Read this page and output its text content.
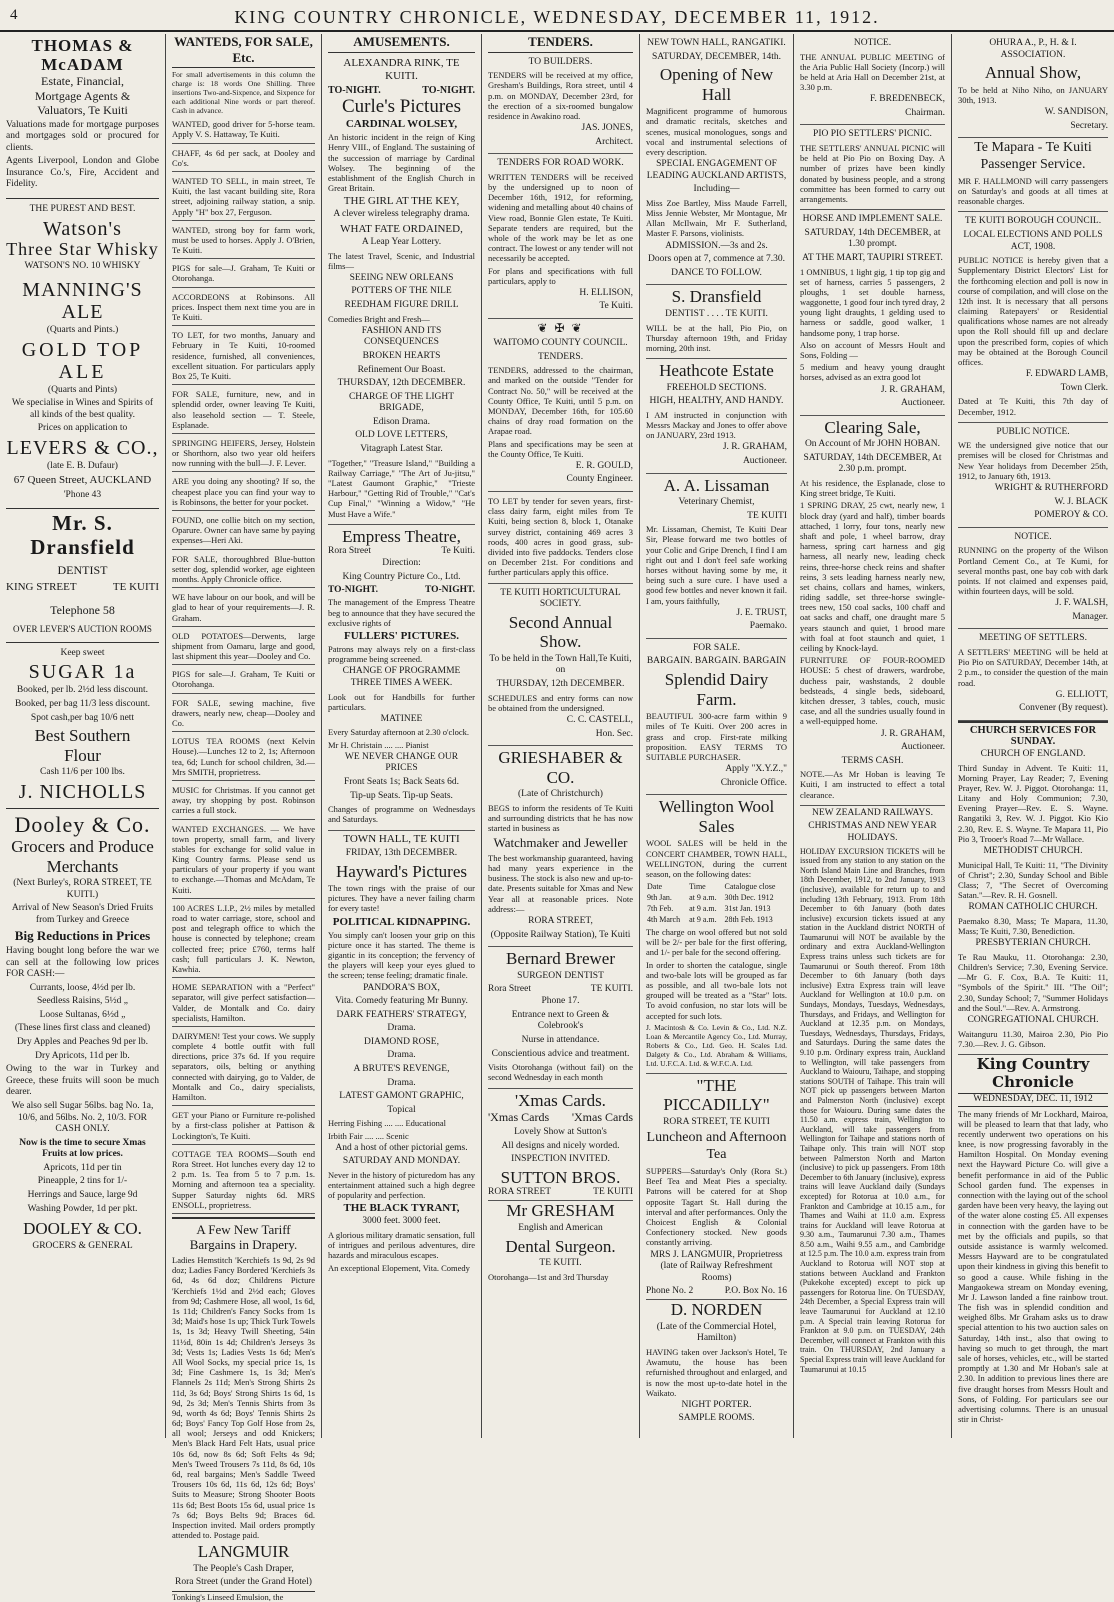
4	KING COUNTRY CHRONICLE, WEDNESDAY, DECEMBER 11, 1912.
THOMAS & McADAM
Estate, Financial,
Mortgage Agents &
Valuators, Te Kuiti

Valuations made for mortgage purposes and mortgages sold or procured for clients.

Agents Liverpool, London and Globe Insurance Co.'s, Fire, Accident and Fidelity.

THE PUREST AND BEST.
Watson's
Three Star Whisky
WATSON'S NO. 10 WHISKY
MANNING'S ALE
(Quarts and Pints.)
GOLD TOP ALE
(Quarts and Pints)

We specialise in Wines and Spirits of all kinds of the best quality.

Prices on application to

LEVERS & CO.,
(late E. B. Dufaur)
67 Queen Street, AUCKLAND
'Phone 43
Mr. S. Dransfield
DENTIST
KING STREET	TE KUITI
Telephone 58
OVER LEVER'S AUCTION ROOMS
Keep sweet
SUGAR 1a

Booked, per lb. 2½d less discount.

Booked, per bag 11/3 less discount.

Spot cash,per bag 10/6 nett

Best Southern
Flour

Cash 11/6 per 100 lbs.

J. NICHOLLS
Dooley & Co.
Grocers and Produce
Merchants

(Next Burley's, RORA STREET, TE KUITI.)

Arrival of New Season's Dried Fruits from Turkey and Greece

Big Reductions in Prices

Having bought long before the war we can sell at the following low prices FOR CASH:—

Currants, loose, 4½d per lb.

Seedless Raisins, 5½d „

Loose Sultanas, 6½d „

(These lines first class and cleaned)

Dry Apples and Peaches 9d per lb.

Dry Apricots, 11d per lb.

Owing to the war in Turkey and Greece, these fruits will soon be much dearer.

We also sell Sugar 56lbs. bag No. 1a, 10/6, and 56lbs. No. 2, 10/3. FOR CASH ONLY.

Now is the time to secure Xmas Fruits at low prices.

Apricots, 11d per tin

Pineapple, 2 tins for 1/-

Herrings and Sauce, large 9d

Washing Powder, 1d per pkt.

DOOLEY & CO.
GROCERS & GENERAL
WANTEDS, FOR SALE, Etc.

For small advertisements in this column the charge is: 18 words One Shilling. Three insertions Two-and-Sixpence, and Sixpence for each additional Nine words or part thereof. Cash in advance.

WANTED, good driver for 5-horse team. Apply V. S. Hattaway, Te Kuiti.

CHAFF, 4s 6d per sack, at Dooley and Co's.

WANTED TO SELL, in main street, Te Kuiti, the last vacant building site, Rora street, adjoining railway station, a snip. Apply "H" box 27, Ferguson.

WANTED, strong boy for farm work, must be used to horses. Apply J. O'Brien, Te Kuiti.

PIGS for sale—J. Graham, Te Kuiti or Otorohanga.

ACCORDEONS at Robinsons. All prices. Inspect them next time you are in Te Kuiti.

TO LET, for two months, January and February in Te Kuiti, 10-roomed residence, furnished, all conveniences, excellent situation. For particulars apply Box 25, Te Kuiti.

FOR SALE, furniture, new, and in splendid order, owner leaving Te Kuiti, also leasehold section — T. Steele, Esplanade.

SPRINGING HEIFERS, Jersey, Holstein or Shorthorn, also two year old heifers now running with the bull—J. F. Lever.

ARE you doing any shooting? If so, the cheapest place you can find your way to is Robinsons, the better for your pocket.

FOUND, one collie bitch on my section, Oparure. Owner can have same by paying expenses—Heri Aki.

FOR SALE, thoroughbred Blue-button setter dog, splendid worker, age eighteen months. Apply Chronicle office.

WE have labour on our book, and will be glad to hear of your requirements—J. R. Graham.

OLD POTATOES—Derwents, large shipment from Oamaru, large and good, last shipment this year—Dooley and Co.

PIGS for sale—J. Graham, Te Kuiti or Otorohanga.

FOR SALE, sewing machine, five drawers, nearly new, cheap—Dooley and Co.

LOTUS TEA ROOMS (next Kelvin House).—Lunches 12 to 2, 1s; Afternoon tea, 6d; Lunch for school children, 3d.—Mrs SMITH, proprietress.

MUSIC for Christmas. If you cannot get away, try shopping by post. Robinson carries a full stock.

WANTED EXCHANGES. — We have town property, small farm, and livery stables for exchange for solid value in King Country farms. Please send us particulars of your property if you want to exchange.—Thomas and McAdam, Te Kuiti.

100 ACRES L.I.P., 2½ miles by metalled road to water carriage, store, school and post and telegraph office to which the house is connected by telephone; cream collected free; price £760, terms half cash; full particulars J. K. Newton, Kawhia.

HOME SEPARATION with a "Perfect" separator, will give perfect satisfaction—Valder, de Montalk and Co. dairy specialists, Hamilton.

DAIRYMEN! Test your cows. We supply complete 4 bottle outfit with full directions, price 37s 6d. If you require separators, oils, belting or anything connected with dairying, go to Valder, de Montalk and Co., dairy specialists, Hamilton.

GET your Piano or Furniture re-polished by a first-class polisher at Pattison & Lockington's, Te Kuiti.

COTTAGE TEA ROOMS—South end Rora Street. Hot lunches every day 12 to 2 p.m. 1s. Tea from 5 to 7 p.m. 1s. Morning and afternoon tea a speciality. Supper Saturday nights 6d. MRS ENSOLL, proprietress.

A Few New Tariff Bargains in Drapery.

Ladies Hemstitch 'Kerchiefs 1s 9d, 2s 9d doz; Ladies Fancy Bordered 'Kerchiefs 3s 6d, 4s 6d doz; Childrens Picture 'Kerchiefs 1½d and 2½d each; Gloves from 9d; Cashmere Hose, all wool, 1s 6d, 1s 11d; Children's Fancy Socks from 1s 3d; Maid's hose 1s up; Thick Turk Towels 1s, 1s 3d; Heavy Twill Sheeting, 54in 11½d, 80in 1s 4d; Children's Jerseys 3s 3d; Vests 1s; Ladies Vests 1s 6d; Men's All Wool Socks, my special price 1s, 1s 3d; Fine Cashmere 1s, 1s 3d; Men's Flannels 2s 11d; Men's Strong Shirts 2s 11d, 3s 6d; Boys' Strong Shirts 1s 6d, 1s 9d, 2s 3d; Men's Tennis Shirts from 3s 9d, worth 4s 6d; Boys' Tennis Shirts 2s 6d; Boys' Fancy Top Golf Hose from 2s, all wool; Jerseys and odd Knickers; Men's Black Hard Felt Hats, usual price 10s 6d, now 8s 6d; Soft Felts 4s 9d; Men's Tweed Trousers 7s 11d, 8s 6d, 10s 6d, real bargains; Men's Saddle Tweed Trousers 10s 6d, 11s 6d, 12s 6d; Boys' Suits to Measure; Strong Shooter Boots 11s 6d; Best Boots 15s 6d, usual price 1s 7s 6d; Boys Belts 9d; Braces 6d. Inspection invited. Mail orders promptly attended to. Postage paid.

LANGMUIR

The People's Cash Draper,

Rora Street (under the Grand Hotel)

Tonking's Linseed Emulsion, the

AMUSEMENTS.
ALEXANDRA RINK, TE KUITI.
TO-NIGHT.	TO-NIGHT.
Curle's Pictures
CARDINAL WOLSEY,

An historic incident in the reign of King Henry VIII., of England. The sustaining of the succession of marriage by Cardinal Wolsey. The beginning of the establishment of the English Church in Great Britain.

THE GIRL AT THE KEY,

A clever wireless telegraphy drama.

WHAT FATE ORDAINED,

A Leap Year Lottery.

The latest Travel, Scenic, and Industrial films—

SEEING NEW ORLEANS

POTTERS OF THE NILE

REEDHAM FIGURE DRILL

Comedies Bright and Fresh—

FASHION AND ITS CONSEQUENCES

BROKEN HEARTS

Refinement Our Boast.

THURSDAY, 12th DECEMBER.

CHARGE OF THE LIGHT BRIGADE,

Edison Drama.

OLD LOVE LETTERS,

Vitagraph Latest Star.

"Together," "Treasure Island," "Building a Railway Carriage," "The Art of Ju-jitsu," "Latest Gaumont Graphic," "Trieste Harbour," "Getting Rid of Trouble," "Cat's Cup Final," "Winning a Widow," "He Must Have a Wife."

Empress Theatre,
Rora Street	Te Kuiti.

Direction:

King Country Picture Co., Ltd.

TO-NIGHT.	TO-NIGHT.

The management of the Empress Theatre beg to announce that they have secured the exclusive rights of

FULLERS' PICTURES.

Patrons may always rely on a first-class programme being screened.

CHANGE OF PROGRAMME THREE TIMES A WEEK.

Look out for Handbills for further particulars.

MATINEE

Every Saturday afternoon at 2.30 o'clock.

Mr H. Christain .... .... Pianist

WE NEVER CHANGE OUR PRICES

Front Seats 1s; Back Seats 6d.

Tip-up Seats. Tip-up Seats.

Changes of programme on Wednesdays and Saturdays.

TOWN HALL, TE KUITI

FRIDAY, 13th DECEMBER.

Hayward's Pictures

The town rings with the praise of our pictures. They have a never failing charm for every taste!

POLITICAL KIDNAPPING.

You simply can't loosen your grip on this picture once it has started. The theme is gigantic in its conception; the fervency of the players will keep your eyes glued to the screen; tense feeling; dramatic finale.

PANDORA'S BOX,

Vita. Comedy featuring Mr Bunny.

DARK FEATHERS' STRATEGY,

Drama.

DIAMOND ROSE,

Drama.

A BRUTE'S REVENGE,

Drama.

LATEST GAMONT GRAPHIC,

Topical

Herring Fishing .... .... Educational

Irbith Fair .... .... Scenic

And a host of other pictorial gems.

SATURDAY AND MONDAY.

Never in the history of picturedom has any entertainment attained such a high degree of popularity and perfection.

THE BLACK TYRANT,

3000 feet. 3000 feet.

A glorious military dramatic sensation, full of intrigues and perilous adventures, dire hazards and miraculous escapes.

An exceptional Elopement, Vita. Comedy

TENDERS.

TO BUILDERS.

TENDERS will be received at my office, Gresham's Buildings, Rora street, until 4 p.m. on MONDAY, December 23rd, for the erection of a six-roomed bungalow residence in Awakino road.

JAS. JONES,

Architect.

TENDERS FOR ROAD WORK.

WRITTEN TENDERS will be received by the undersigned up to noon of December 16th, 1912, for reforming, widening and metalling about 40 chains of View road, Bonnie Glen estate, Te Kuiti. Separate tenders are required, but the whole of the work may be let as one contract. The lowest or any tender will not necessarily be accepted.

For plans and specifications with full particulars, apply to

H. ELLISON,

Te Kuiti.

❦ ✠ ❦

WAITOMO COUNTY COUNCIL.

TENDERS.

TENDERS, addressed to the chairman, and marked on the outside "Tender for Contract No. 50," will be received at the County Office, Te Kuiti, until 5 p.m. on MONDAY, December 16th, for 105.60 chains of dray road formation on the Arapae road.

Plans and specifications may be seen at the County Office, Te Kuiti.

E. R. GOULD,

County Engineer.

TO LET by tender for seven years, first-class dairy farm, eight miles from Te Kuiti, being section 8, block 1, Otanake survey district, containing 469 acres 3 roods, 400 acres in good grass, sub-divided into five paddocks. Tenders close on December 21st. For conditions and further particulars apply this office.

TE KUITI HORTICULTURAL SOCIETY.

Second Annual Show.

To be held in the Town Hall,Te Kuiti, on

THURSDAY, 12th DECEMBER.

SCHEDULES and entry forms can now be obtained from the undersigned.

C. C. CASTELL,

Hon. Sec.

GRIESHABER & CO.

(Late of Christchurch)

BEGS to inform the residents of Te Kuiti and surrounding districts that he has now started in business as

Watchmaker and Jeweller

The best workmanship guaranteed, having had many years experience in the business. The stock is also new and up-to-date. Presents suitable for Xmas and New Year all at reasonable prices. Note address:—

RORA STREET,

(Opposite Railway Station), Te Kuiti

Bernard Brewer

SURGEON DENTIST

Rora Street	TE KUITI.

Phone 17.

Entrance next to Green & Colebrook's

Nurse in attendance.

Conscientious advice and treatment.

Visits Otorohanga (without fail) on the second Wednesday in each month

'Xmas Cards.
'Xmas Cards 'Xmas Cards

Lovely Show at Sutton's

All designs and nicely worded.

INSPECTION INVITED.

SUTTON BROS.
RORA STREET	TE KUITI
Mr GRESHAM

English and American

Dental Surgeon.

TE KUITI.

Otorohanga—1st and 3rd Thursday

NEW TOWN HALL, RANGATIKI.

SATURDAY, DECEMBER, 14th.

Opening of New Hall

Magnificent programme of humorous and dramatic recitals, sketches and scenes, musical monologues, songs and vocal and instrumental selections of every description.

SPECIAL ENGAGEMENT OF LEADING AUCKLAND ARTISTS,

Including—

Miss Zoe Bartley, Miss Maude Farrell, Miss Jennie Webster, Mr Montague, Mr Allan McIlwain, Mr F. Sutherland, Master F. Parsons, violinists.

ADMISSION.—3s and 2s.

Doors open at 7, commence at 7.30.

DANCE TO FOLLOW.

S. Dransfield

DENTIST . . . . TE KUITI.

WILL be at the hall, Pio Pio, on Thursday afternoon 19th, and Friday morning, 20th inst.

Heathcote Estate

FREEHOLD SECTIONS.

HIGH, HEALTHY, AND HANDY.

I AM instructed in conjunction with Messrs Mackay and Jones to offer above on JANUARY, 23rd 1913.

J. R. GRAHAM,

Auctioneer.

A. A. Lissaman

Veterinary Chemist,

TE KUITI

Mr. Lissaman, Chemist, Te Kuiti Dear Sir, Please forward me two bottles of your Colic and Gripe Drench, I find I am right out and I don't feel safe working horses without having some by me, it being such a sure cure. I have used a good few bottles and never known it fail. I am, yours faithfully,

J. E. TRUST,

Paemako.

FOR SALE.

BARGAIN. BARGAIN. BARGAIN

Splendid Dairy Farm.

BEAUTIFUL 300-acre farm within 9 miles of Te Kuiti. Over 200 acres in grass and crop. First-rate milking proposition. EASY TERMS TO SUITABLE PURCHASER.

Apply "X.Y.Z.,"

Chronicle Office.

Wellington Wool Sales

WOOL SALES will be held in the CONCERT CHAMBER, TOWN HALL, WELLINGTON, during the current season, on the following dates:

Date	Time	Catalogue close
9th Jan.	at 9 a.m.	30th Dec. 1912
7th Feb.	at 9 a.m.	31st Jan. 1913
4th March	at 9 a.m.	28th Feb. 1913

The charge on wool offered but not sold will be 2/- per bale for the first offering, and 1/- per bale for the second offering.

In order to shorten the catalogue, single and two-bale lots will be grouped as far as possible, and all two-bale lots not grouped will be treated as a "Star" lots. To avoid confusion, no star lots will be accepted for such lots.

J. Macintosh & Co. Levin & Co., Ltd. N.Z. Loan & Mercantile Agency Co., Ltd. Murray, Roberts & Co., Ltd. Geo. H. Scales Ltd. Dalgety & Co., Ltd. Abraham & Williams, Ltd. U.F.C.A. Ltd. & W.F.C.A. Ltd.

"THE PICCADILLY"

RORA STREET, TE KUITI

Luncheon and Afternoon Tea

SUPPERS—Saturday's Only (Rora St.) Beef Tea and Meat Pies a specialty. Patrons will be catered for at Shop opposite Tagart St. Hall during the interval and after performances. Only the Choicest English & Colonial Confectionery stocked. New goods constantly arriving.

MRS J. LANGMUIR, Proprietress (late of Railway Refreshment Rooms)

Phone No. 2	P.O. Box No. 16
D. NORDEN

(Late of the Commercial Hotel, Hamilton)

HAVING taken over Jackson's Hotel, Te Awamutu, the house has been refurnished throughout and enlarged, and is now the most up-to-date hotel in the Waikato.

NIGHT PORTER.

SAMPLE ROOMS.

NOTICE.

THE ANNUAL PUBLIC MEETING of the Aria Public Hall Society (Incorp.) will be held at Aria Hall on December 21st, at 3.30 p.m.

F. BREDENBECK,

Chairman.

PIO PIO SETTLERS' PICNIC.

THE SETTLERS' ANNUAL PICNIC will be held at Pio Pio on Boxing Day. A number of prizes have been kindly donated by business people, and a strong committee has been formed to carry out arrangements.

HORSE AND IMPLEMENT SALE.

SATURDAY, 14th DECEMBER, at 1.30 prompt.

AT THE MART, TAUPIRI STREET.

1 OMNIBUS, 1 light gig, 1 tip top gig and set of harness, carries 5 passengers, 2 ploughs, 1 set double harness, waggonette, 1 good four inch tyred dray, 2 young light draughts, 1 gelding used to harness or saddle, good walker, 1 handsome pony, 1 trap horse.

Also on account of Messrs Hoult and Sons, Folding —

5 medium and heavy young draught horses, advised as an extra good lot

J. R. GRAHAM,

Auctioneer.

Clearing Sale,

On Account of Mr JOHN HOBAN.

SATURDAY, 14th DECEMBER, At 2.30 p.m. prompt.

At his residence, the Esplanade, close to King street bridge, Te Kuiti.

1 SPRING DRAY, 25 cwt, nearly new, 1 block dray (yard and half), timber boards attached, 1 lorry, four tons, nearly new shaft and pole, 1 wheel barrow, dray harness, spring cart harness and gig harness, all nearly new, leading check reins, three-horse check reins and shafter reins, 3 sets leading harness nearly new, set chains, collars and hames, winkers, riding saddle, set three-horse swingle-trees new, 150 coal sacks, 100 chaff and oat sacks and chaff, one draught mare 5 years staunch and quiet, 1 brood mare with foal at foot staunch and quiet, 1 ceiling by Knock-layd.

FURNITURE OF FOUR-ROOMED HOUSE: 5 chest of drawers, wardrobe, duchess pair, washstands, 2 double bedsteads, 4 single beds, sideboard, kitchen dresser, 3 tables, couch, music case, and all the sundries usually found in a well-equipped home.

J. R. GRAHAM,

Auctioneer.

TERMS CASH.

NOTE.—As Mr Hoban is leaving Te Kuiti, I am instructed to effect a total clearance.

NEW ZEALAND RAILWAYS.

CHRISTMAS AND NEW YEAR HOLIDAYS.

HOLIDAY EXCURSION TICKETS will be issued from any station to any station on the North Island Main Line and Branches, from 18th December, 1912, to 2nd January, 1913 (inclusive), available for return up to and including 13th February, 1913. From 18th December to 6th January (both dates inclusive) excursion tickets issued at any station in the Auckland district NORTH of Taumarunui will NOT be available by the ordinary and extra Auckland-Wellington Express trains unless such tickets are for Taumarunui or South thereof. From 18th December to 6th January (both days inclusive) Extra Express train will leave Auckland for Wellington at 10.0 p.m. on Sundays, Mondays, Tuesdays, Wednesdays, Thursdays, and Fridays, and Wellington for Auckland at 12.35 p.m. on Mondays, Tuesdays, Wednesdays, Thursdays, Fridays, and Saturdays. During the same dates the 9.10 p.m. Ordinary express train, Auckland to Wellington, will take passengers from Auckland to Waiouru, Taihape, and stopping stations SOUTH of Taihape. This train will NOT pick up passengers between Marton and Palmerston North (inclusive) except those for Waiouru. During same dates the 11.50 a.m. express train, Wellington to Auckland, will take passengers from Wellington for Taihape and stations north of Taihape only. This train will NOT stop between Palmerston North and Marton (inclusive) to pick up passengers. From 18th December to 6th January (inclusive), express trains will leave Auckland daily (Sundays excepted) for Rotorua at 10.0 a.m., for Frankton and Cambridge at 10.15 a.m., for Thames and Waihi at 11.0 a.m. Express trains for Auckland will leave Rotorua at 9.30 a.m., Taumarunui 7.30 a.m., Thames 8.50 a.m., Waihi 9.55 a.m., and Cambridge at 12.5 p.m. The 10.0 a.m. express train from Auckland to Rotorua will NOT stop at stations between Auckland and Frankton (Pukekohe excepted) except to pick up passengers for Rotorua line. On TUESDAY, 24th December, a Special Express train will leave Taumarunui for Auckland at 12.10 p.m. A Special train leaving Rotorua for Frankton at 9.0 p.m. on TUESDAY, 24th December, will connect at Frankton with this train. On THURSDAY, 2nd January a Special Express train will leave Auckland for Taumarunui at 10.15

OHURA A., P., H. & I. ASSOCIATION.

Annual Show,

To be held at Niho Niho, on JANUARY 30th, 1913.

W. SANDISON,

Secretary.

Te Mapara - Te Kuiti Passenger Service.

MR F. HALLMOND will carry passengers on Saturday's and goods at all times at reasonable charges.

TE KUITI BOROUGH COUNCIL.

LOCAL ELECTIONS AND POLLS ACT, 1908.

PUBLIC NOTICE is hereby given that a Supplementary District Electors' List for the forthcoming election and poll is now in course of compilation, and will close on the 12th inst. It is necessary that all persons claiming Ratepayers' or Residential qualifications whose names are not already upon the Roll should fill up and declare upon the prescribed form, copies of which may be obtained at the Borough Council offices.

F. EDWARD LAMB,

Town Clerk.

Dated at Te Kuiti, this 7th day of December, 1912.

PUBLIC NOTICE.

WE the undersigned give notice that our premises will be closed for Christmas and New Year holidays from December 25th, 1912, to January 6th, 1913.

WRIGHT & RUTHERFORD

W. J. BLACK

POMEROY & CO.

NOTICE.

RUNNING on the property of the Wilson Portland Cement Co., at Te Kumi, for several months past, one bay cob with dark points. If not claimed and expenses paid, within fourteen days, will be sold.

J. F. WALSH,

Manager.

MEETING OF SETTLERS.

A SETTLERS' MEETING will be held at Pio Pio on SATURDAY, December 14th, at 2 p.m., to consider the question of the main road.

G. ELLIOTT,

Convener (By request).

CHURCH SERVICES FOR SUNDAY.

CHURCH OF ENGLAND.

Third Sunday in Advent. Te Kuiti: 11, Morning Prayer, Lay Reader; 7, Evening Prayer, Rev. W. J. Piggot. Otorohanga: 11, Litany and Holy Communion; 7.30, Evening Prayer—Rev. E. S. Wayne. Rangatiki 3, Rev. W. J. Piggot. Kio Kio 2.30, Rev. E. S. Wayne. Te Mapara 11, Pio Pio 3, Trooer's Road 7—Mr Wallace.

METHODIST CHURCH.

Municipal Hall, Te Kuiti: 11, "The Divinity of Christ"; 2.30, Sunday School and Bible Class; 7, "The Secret of Overcoming Satan."—Rev. R. H. Gosnell.

ROMAN CATHOLIC CHURCH.

Paemako 8.30, Mass; Te Mapara, 11.30, Mass; Te Kuiti, 7.30, Benediction.

PRESBYTERIAN CHURCH.

Te Rau Mauku, 11. Otorohanga: 2.30, Children's Service; 7.30, Evening Service.—Mr G. F. Cox, B.A. Te Kuiti: 11, "Symbols of the Spirit." III. "The Oil"; 2.30, Sunday School; 7, "Summer Holidays and the Soul."—Rev. A. Armstrong.

CONGREGATIONAL CHURCH.

Waitanguru 11.30, Mairoa 2.30, Pio Pio 7.30.—Rev. J. G. Gibson.

King Country Chronicle

WEDNESDAY, DEC. 11, 1912

The many friends of Mr Lockhard, Mairoa, will be pleased to learn that that lady, who recently underwent two operations on his knee, is now progressing favorably in the Hamilton Hospital. On Monday evening next the Hayward Picture Co. will give a benefit performance in aid of the Public School garden fund. The expenses in connection with the laying out of the school garden have been very heavy, the laying out of the water alone costing £5. All expenses in connection with the garden have to be met by the officials and pupils, so that outside assistance is warmly welcomed. Messrs Hayward are to be congratulated upon their kindness in giving this benefit to so good a cause. While fishing in the Mangaokewa stream on Monday evening, Mr J. Lawson landed a fine rainbow trout. The fish was in splendid condition and weighed 8lbs. Mr Graham asks us to draw special attention to his two auction sales on Saturday, 14th inst., also that owing to having so much to get through, the mart sale of horses, vehicles, etc., will be started promptly at 1.30 and Mr Hoban's sale at 2.30. In addition to previous lines there are five draught horses from Messrs Hoult and Sons, of Folding. For particulars see our advertising columns. There is an unusual stir in Christ-
